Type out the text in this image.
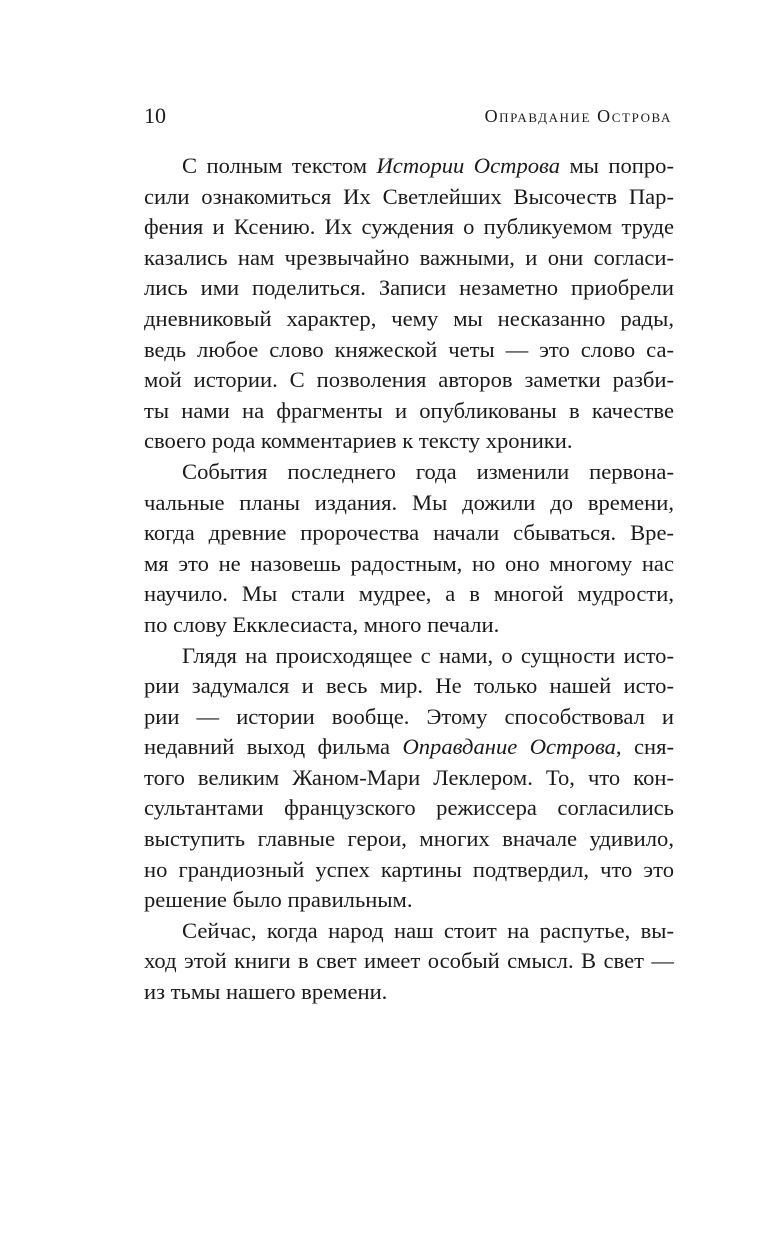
10	Оправдание Острова
С полным текстом Истории Острова мы попро-
сили ознакомиться Их Светлейших Высочеств Пар-
фения и Ксению. Их суждения о публикуемом труде
казались нам чрезвычайно важными, и они согласи-
лись ими поделиться. Записи незаметно приобрели
дневниковый характер, чему мы несказанно рады,
ведь любое слово княжеской четы — это слово са-
мой истории. С позволения авторов заметки разби-
ты нами на фрагменты и опубликованы в качестве
своего рода комментариев к тексту хроники.
События последнего года изменили первона-
чальные планы издания. Мы дожили до времени,
когда древние пророчества начали сбываться. Вре-
мя это не назовешь радостным, но оно многому нас
научило. Мы стали мудрее, а в многой мудрости,
по слову Екклесиаста, много печали.
Глядя на происходящее с нами, о сущности исто-
рии задумался и весь мир. Не только нашей исто-
рии — истории вообще. Этому способствовал и
недавний выход фильма Оправдание Острова, сня-
того великим Жаном-Мари Леклером. То, что кон-
сультантами французского режиссера согласились
выступить главные герои, многих вначале удивило,
но грандиозный успех картины подтвердил, что это
решение было правильным.
Сейчас, когда народ наш стоит на распутье, вы-
ход этой книги в свет имеет особый смысл. В свет —
из тьмы нашего времени.
